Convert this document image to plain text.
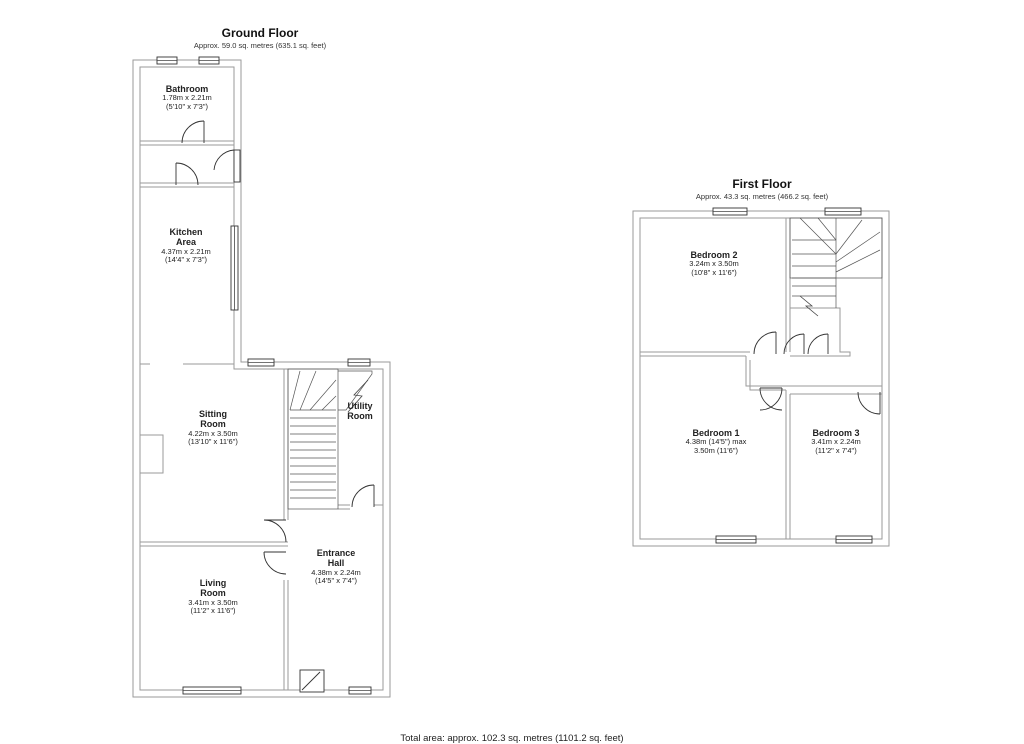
Ground Floor
Approx. 59.0 sq. metres (635.1 sq. feet)
First Floor
Approx. 43.3 sq. metres (466.2 sq. feet)
Bathroom
1.78m x 2.21m
(5'10" x 7'3")
Kitchen
Area
4.37m x 2.21m
(14'4" x 7'3")
Sitting
Room
4.22m x 3.50m
(13'10" x 11'6")
Utility
Room
Entrance
Hall
4.38m x 2.24m
(14'5" x 7'4")
Living
Room
3.41m x 3.50m
(11'2" x 11'6")
Bedroom 2
3.24m x 3.50m
(10'8" x 11'6")
Bedroom 1
4.38m (14'5") max
3.50m (11'6")
Bedroom 3
3.41m x 2.24m
(11'2" x 7'4")
Total area: approx. 102.3 sq. metres (1101.2 sq. feet)
